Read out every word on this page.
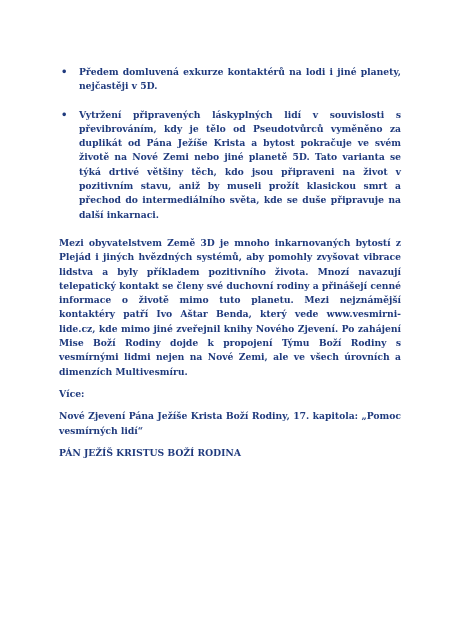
• Předem domluvená exkurze kontaktérů na lodi i jiné planety, nejčastěji v 5D.
• Vytržení připravených láskyplných lidí v souvislosti s převibrováním, kdy je tělo od Pseudotvůrců vyměněno za duplikát od Pána Ježíše Krista a bytost pokračuje ve svém životě na Nové Zemi nebo jiné planetě 5D. Tato varianta se týká drtivé většiny těch, kdo jsou připraveni na život v pozitivním stavu, aniž by museli prožít klasickou smrt a přechod do intermediálního světa, kde se duše připravuje na další inkarnaci.

Mezi obyvatelstvem Země 3D je mnoho inkarnovaných bytostí z Plejád i jiných hvězdných systémů, aby pomohly zvyšovat vibrace lidstva a byly příkladem pozitivního života. Mnozí navazují telepatický kontakt se členy své duchovní rodiny a přinášejí cenné informace o životě mimo tuto planetu. Mezi nejznámější kontaktéry patří Ivo Aštar Benda, který vede www.vesmirni-lide.cz, kde mimo jiné zveřejnil knihy Nového Zjevení. Po zahájení Mise Boží Rodiny dojde k propojení Týmu Boží Rodiny s vesmírnými lidmi nejen na Nové Zemi, ale ve všech úrovních a dimenzích Multivesmíru.

Více:

Nové Zjevení Pána Ježíše Krista Boží Rodiny, 17. kapitola: „Pomoc vesmírných lidí“

PÁN JEŽÍŠ KRISTUS BOŽÍ RODINA
